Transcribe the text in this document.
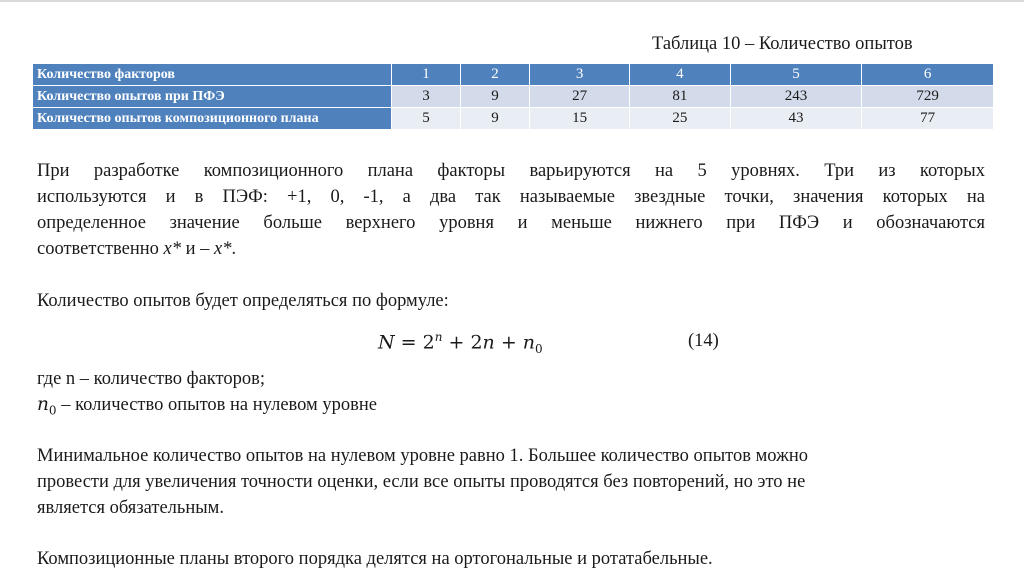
Таблица 10 – Количество опытов
Количество факторов	1	2	3	4	5	6
Количество опытов при ПФЭ	3	9	27	81	243	729
Количество опытов композиционного плана	5	9	15	25	43	77
При разработке композиционного плана факторы варьируются на 5 уровнях. Три из которых
используются и в ПЭФ: +1, 0, -1, а два так называемые звездные точки, значения которых на
определенное значение больше верхнего уровня и меньше нижнего при ПФЭ и обозначаются
соответственно x* и – x*.
Количество опытов будет определяться по формуле:
$N = 2^n + 2n + n_0$	(14)
где n – количество факторов;
$n_0$ – количество опытов на нулевом уровне
Минимальное количество опытов на нулевом уровне равно 1. Большее количество опытов можно
провести для увеличения точности оценки, если все опыты проводятся без повторений, но это не
является обязательным.
Композиционные планы второго порядка делятся на ортогональные и ротатабельные.
